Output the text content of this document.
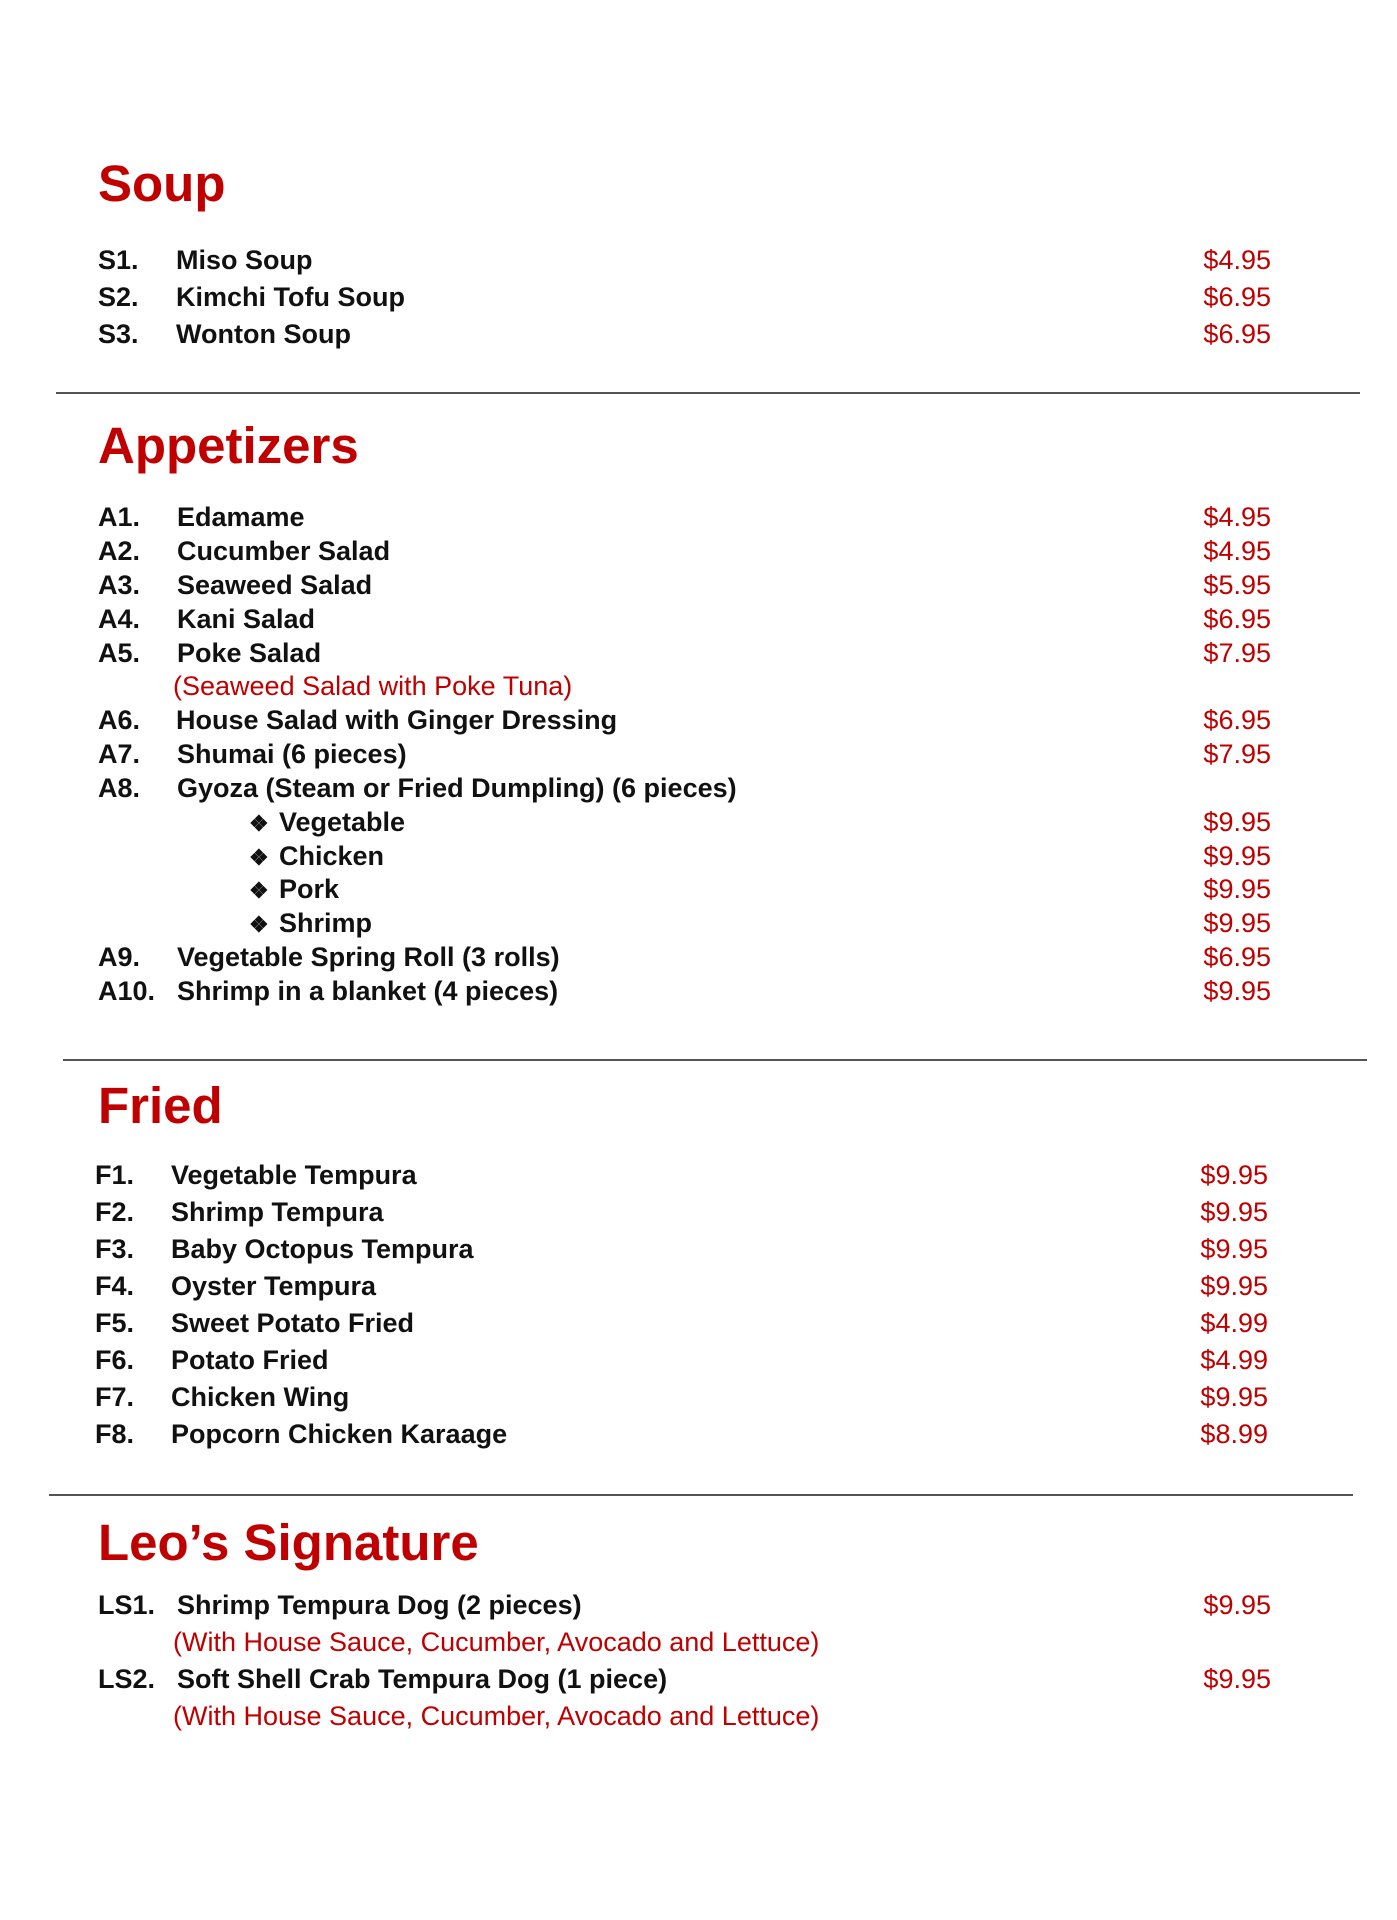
Soup
S1. Miso Soup	$4.95
S2. Kimchi Tofu Soup	$6.95
S3. Wonton Soup	$6.95
Appetizers
A1. Edamame	$4.95
A2. Cucumber Salad	$4.95
A3. Seaweed Salad	$5.95
A4. Kani Salad	$6.95
A5. Poke Salad	$7.95
(Seaweed Salad with Poke Tuna)
A6. House Salad with Ginger Dressing	$6.95
A7. Shumai (6 pieces)	$7.95
A8. Gyoza (Steam or Fried Dumpling) (6 pieces)
❖ Vegetable	$9.95
❖ Chicken	$9.95
❖ Pork	$9.95
❖ Shrimp	$9.95
A9. Vegetable Spring Roll (3 rolls)	$6.95
A10. Shrimp in a blanket (4 pieces)	$9.95
Fried
F1. Vegetable Tempura	$9.95
F2. Shrimp Tempura	$9.95
F3. Baby Octopus Tempura	$9.95
F4. Oyster Tempura	$9.95
F5. Sweet Potato Fried	$4.99
F6. Potato Fried	$4.99
F7. Chicken Wing	$9.95
F8. Popcorn Chicken Karaage	$8.99
Leo’s Signature
LS1. Shrimp Tempura Dog (2 pieces)	$9.95
(With House Sauce, Cucumber, Avocado and Lettuce)
LS2. Soft Shell Crab Tempura Dog (1 piece)	$9.95
(With House Sauce, Cucumber, Avocado and Lettuce)
